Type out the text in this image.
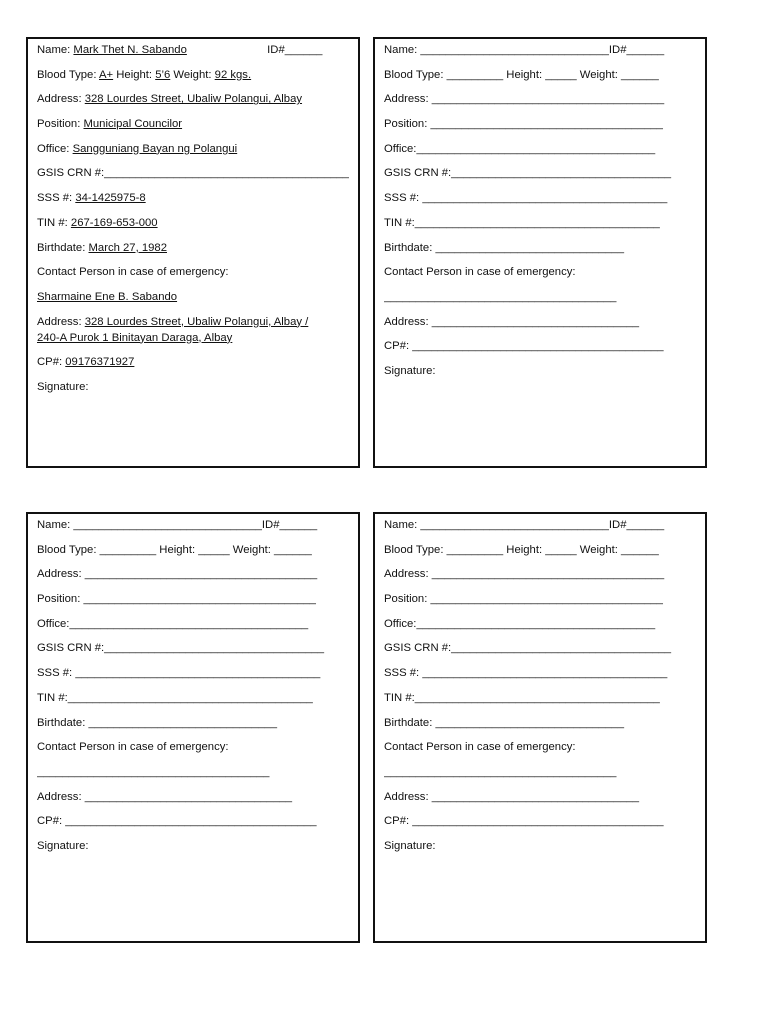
Name: Mark Thet N. Sabando	ID#______
Blood Type: A+ Height: 5’6 Weight: 92 kgs.
Address: 328 Lourdes Street, Ubaliw Polangui, Albay
Position: Municipal Councilor
Office: Sangguniang Bayan ng Polangui
GSIS CRN #:_______________________________________
SSS #: 34-1425975-8
TIN #: 267-169-653-000
Birthdate: March 27, 1982
Contact Person in case of emergency:
Sharmaine Ene B. Sabando
Address: 328 Lourdes Street, Ubaliw Polangui, Albay /
240-A Purok 1 Binitayan Daraga, Albay
CP#: 09176371927
Signature:
Name: ______________________________ID#______
Blood Type: _________ Height: _____ Weight: ______
Address: _____________________________________
Position: _____________________________________
Office:______________________________________
GSIS CRN #:___________________________________
SSS #: _______________________________________
TIN #:_______________________________________
Birthdate: ______________________________
Contact Person in case of emergency:
_____________________________________
Address: _________________________________
CP#: ________________________________________
Signature:
Name: ______________________________ID#______
Blood Type: _________ Height: _____ Weight: ______
Address: _____________________________________
Position: _____________________________________
Office:______________________________________
GSIS CRN #:___________________________________
SSS #: _______________________________________
TIN #:_______________________________________
Birthdate: ______________________________
Contact Person in case of emergency:
_____________________________________
Address: _________________________________
CP#: ________________________________________
Signature:
Name: ______________________________ID#______
Blood Type: _________ Height: _____ Weight: ______
Address: _____________________________________
Position: _____________________________________
Office:______________________________________
GSIS CRN #:___________________________________
SSS #: _______________________________________
TIN #:_______________________________________
Birthdate: ______________________________
Contact Person in case of emergency:
_____________________________________
Address: _________________________________
CP#: ________________________________________
Signature:
